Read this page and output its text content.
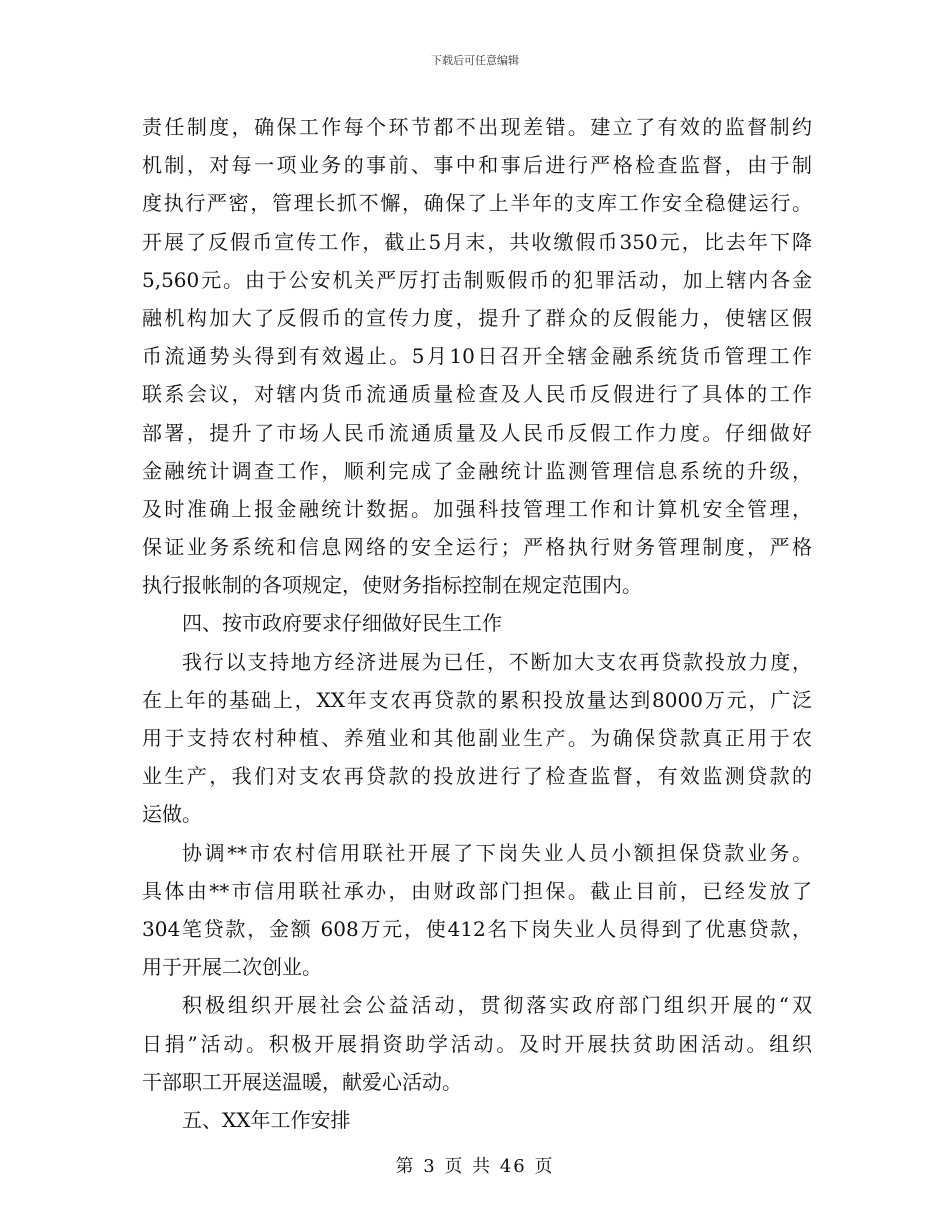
下载后可任意编辑
责任制度，确保工作每个环节都不出现差错。建立了有效的监督制约
机制，对每一项业务的事前、事中和事后进行严格检查监督，由于制
度执行严密，管理长抓不懈，确保了上半年的支库工作安全稳健运行。
开展了反假币宣传工作，截止5月末，共收缴假币350元，比去年下降
5,560元。由于公安机关严厉打击制贩假币的犯罪活动，加上辖内各金
融机构加大了反假币的宣传力度，提升了群众的反假能力，使辖区假
币流通势头得到有效遏止。5月10日召开全辖金融系统货币管理工作
联系会议，对辖内货币流通质量检查及人民币反假进行了具体的工作
部署，提升了市场人民币流通质量及人民币反假工作力度。仔细做好
金融统计调查工作，顺利完成了金融统计监测管理信息系统的升级，
及时准确上报金融统计数据。加强科技管理工作和计算机安全管理，
保证业务系统和信息网络的安全运行；严格执行财务管理制度，严格
执行报帐制的各项规定，使财务指标控制在规定范围内。
四、按市政府要求仔细做好民生工作
我行以支持地方经济进展为已任，不断加大支农再贷款投放力度，
在上年的基础上，XX年支农再贷款的累积投放量达到8000万元，广泛
用于支持农村种植、养殖业和其他副业生产。为确保贷款真正用于农
业生产，我们对支农再贷款的投放进行了检查监督，有效监测贷款的
运做。
协调**市农村信用联社开展了下岗失业人员小额担保贷款业务。
具体由**市信用联社承办，由财政部门担保。截止目前，已经发放了
304笔贷款，金额 608万元，使412名下岗失业人员得到了优惠贷款，
用于开展二次创业。
积极组织开展社会公益活动，贯彻落实政府部门组织开展的“双
日捐”活动。积极开展捐资助学活动。及时开展扶贫助困活动。组织
干部职工开展送温暖，献爱心活动。
五、XX年工作安排
第 3 页 共 46 页
